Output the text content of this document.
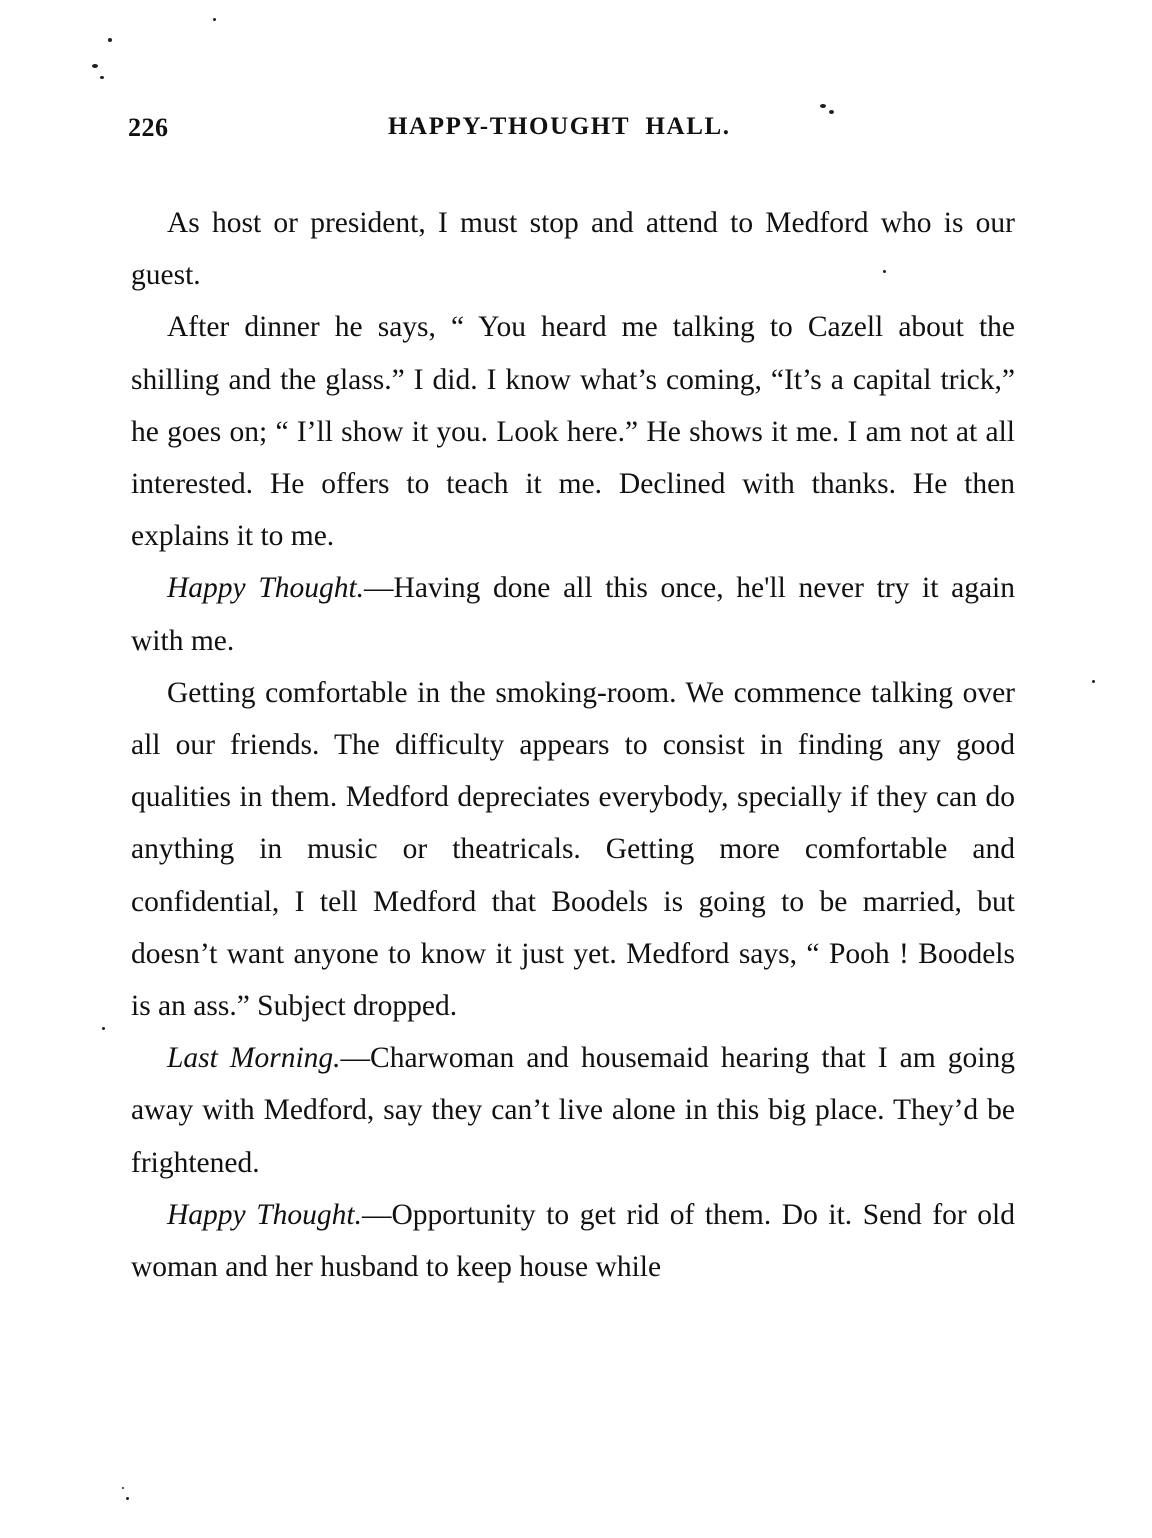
226	HAPPY-THOUGHT HALL.

As host or president, I must stop and attend to Medford who is our guest.

After dinner he says, “ You heard me talking to Cazell about the shilling and the glass.” I did. I know what’s coming, “It’s a capital trick,” he goes on; “ I’ll show it you. Look here.” He shows it me. I am not at all interested. He offers to teach it me. Declined with thanks. He then explains it to me.

Happy Thought.—Having done all this once, he'll never try it again with me.

Getting comfortable in the smoking-room. We commence talking over all our friends. The difficulty appears to consist in finding any good qualities in them. Medford depreciates everybody, specially if they can do anything in music or theatricals. Getting more comfortable and confidential, I tell Medford that Boodels is going to be married, but doesn’t want anyone to know it just yet. Medford says, “ Pooh ! Boodels is an ass.” Subject dropped.

Last Morning.—Charwoman and housemaid hearing that I am going away with Medford, say they can’t live alone in this big place. They’d be frightened.

Happy Thought.—Opportunity to get rid of them. Do it. Send for old woman and her husband to keep house while
